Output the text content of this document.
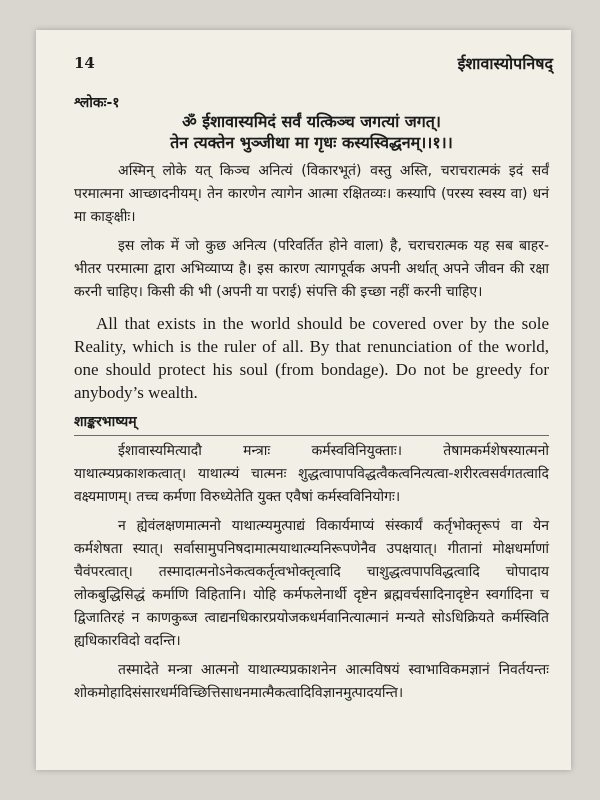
14	ईशावास्योपनिषद्

श्लोकः-१

ॐ ईशावास्यमिदं सर्वं यत्किञ्च जगत्यां जगत्।

तेन त्यक्तेन भुञ्जीथा मा गृधः कस्यस्विद्धनम्।।१।।

अस्मिन् लोके यत् किञ्च अनित्यं (विकारभूतं) वस्तु अस्ति, चराचरात्मकं इदं सर्वं परमात्मना आच्छादनीयम्। तेन कारणेन त्यागेन आत्मा रक्षितव्यः। कस्यापि (परस्य स्वस्य वा) धनं मा काङ्क्षीः।

इस लोक में जो कुछ अनित्य (परिवर्तित होने वाला) है, चराचरात्मक यह सब बाहर-भीतर परमात्मा द्वारा अभिव्याप्य है। इस कारण त्यागपूर्वक अपनी अर्थात् अपने जीवन की रक्षा करनी चाहिए। किसी की भी (अपनी या पराई) संपत्ति की इच्छा नहीं करनी चाहिए।

All that exists in the world should be covered over by the sole Reality, which is the ruler of all. By that renunciation of the world, one should protect his soul (from bondage). Do not be greedy for anybody’s wealth.

शाङ्करभाष्यम्

ईशावास्यमित्यादौ मन्त्राः कर्मस्वविनियुक्ताः। तेषामकर्मशेषस्यात्मनो याथात्म्यप्रकाशकत्वात्। याथात्म्यं चात्मनः शुद्धत्वापापविद्धत्वैकत्वनित्यत्वा-शरीरत्वसर्वगतत्वादि वक्ष्यमाणम्। तच्च कर्मणा विरुध्येतेति युक्त एवैषां कर्मस्वविनियोगः।

न ह्येवंलक्षणमात्मनो याथात्म्यमुत्पाद्यं विकार्यमाप्यं संस्कार्यं कर्तृभोक्तृरूपं वा येन कर्मशेषता स्यात्। सर्वासामुपनिषदामात्मयाथात्म्यनिरूपणेनैव उपक्षयात्। गीतानां मोक्षधर्माणां चैवंपरत्वात्। तस्मादात्मनोऽनेकत्वकर्तृत्वभोक्तृत्वादि चाशुद्धत्वपापविद्धत्वादि चोपादाय लोकबुद्धिसिद्धं कर्माणि विहितानि। योहि कर्मफलेनार्थी दृष्टेन ब्रह्मवर्चसादिनादृष्टेन स्वर्गादिना च द्विजातिरहं न काणकुब्ज त्वाद्यनधिकारप्रयोजकधर्मवानित्यात्मानं मन्यते सोऽधिक्रियते कर्मस्विति ह्यधिकारविदो वदन्ति।

तस्मादेते मन्त्रा आत्मनो याथात्म्यप्रकाशनेन आत्मविषयं स्वाभाविकमज्ञानं निवर्तयन्तः शोकमोहादिसंसारधर्मविच्छित्तिसाधनमात्मैकत्वादिविज्ञानमुत्पादयन्ति।
